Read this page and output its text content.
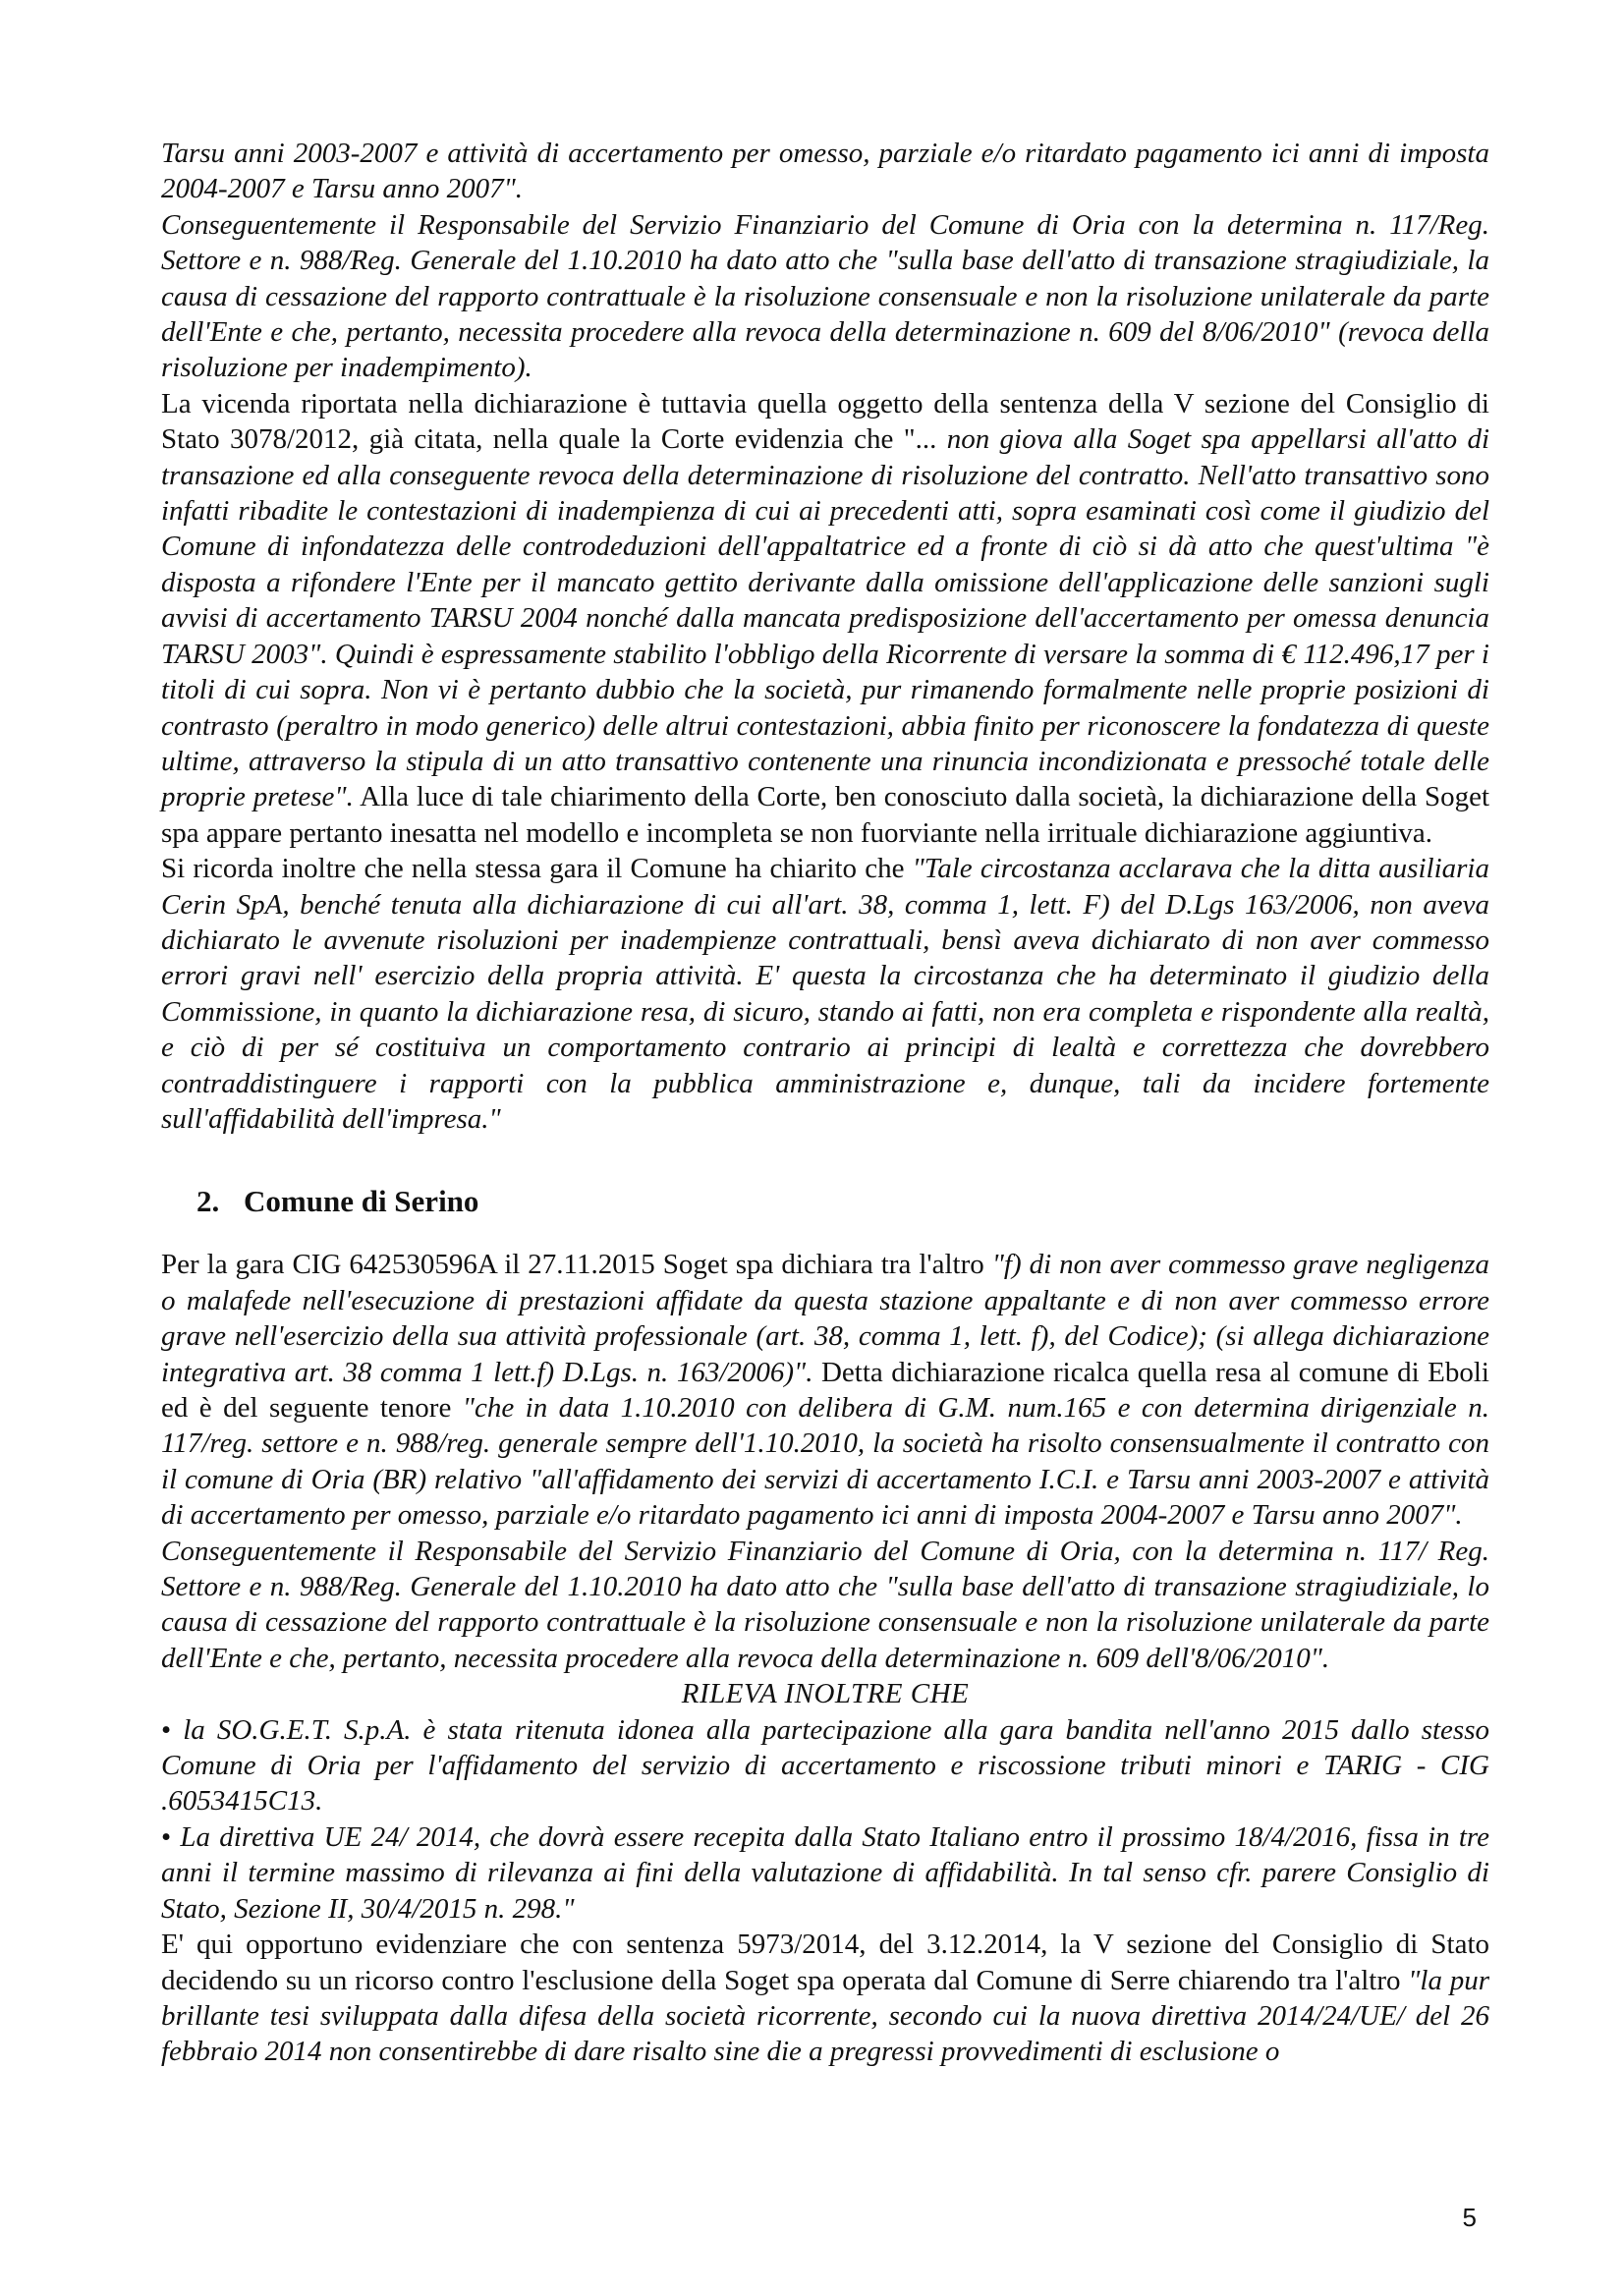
Tarsu anni 2003-2007 e attività di accertamento per omesso, parziale e/o ritardato pagamento ici anni di imposta 2004-2007 e Tarsu anno 2007".

Conseguentemente il Responsabile del Servizio Finanziario del Comune di Oria con la determina n. 117/Reg. Settore e n. 988/Reg. Generale del 1.10.2010 ha dato atto che "sulla base dell'atto di transazione stragiudiziale, la causa di cessazione del rapporto contrattuale è la risoluzione consensuale e non la risoluzione unilaterale da parte dell'Ente e che, pertanto, necessita procedere alla revoca della determinazione n. 609 del 8/06/2010" (revoca della risoluzione per inadempimento).

La vicenda riportata nella dichiarazione è tuttavia quella oggetto della sentenza della V sezione del Consiglio di Stato 3078/2012, già citata, nella quale la Corte evidenzia che "... non giova alla Soget spa appellarsi all'atto di transazione ed alla conseguente revoca della determinazione di risoluzione del contratto. Nell'atto transattivo sono infatti ribadite le contestazioni di inadempienza di cui ai precedenti atti, sopra esaminati così come il giudizio del Comune di infondatezza delle controdeduzioni dell'appaltatrice ed a fronte di ciò si dà atto che quest'ultima "è disposta a rifondere l'Ente per il mancato gettito derivante dalla omissione dell'applicazione delle sanzioni sugli avvisi di accertamento TARSU 2004 nonché dalla mancata predisposizione dell'accertamento per omessa denuncia TARSU 2003". Quindi è espressamente stabilito l'obbligo della Ricorrente di versare la somma di € 112.496,17 per i titoli di cui sopra. Non vi è pertanto dubbio che la società, pur rimanendo formalmente nelle proprie posizioni di contrasto (peraltro in modo generico) delle altrui contestazioni, abbia finito per riconoscere la fondatezza di queste ultime, attraverso la stipula di un atto transattivo contenente una rinuncia incondizionata e pressoché totale delle proprie pretese". Alla luce di tale chiarimento della Corte, ben conosciuto dalla società, la dichiarazione della Soget spa appare pertanto inesatta nel modello e incompleta se non fuorviante nella irrituale dichiarazione aggiuntiva.

Si ricorda inoltre che nella stessa gara il Comune ha chiarito che "Tale circostanza acclarava che la ditta ausiliaria Cerin SpA, benché tenuta alla dichiarazione di cui all'art. 38, comma 1, lett. F) del D.Lgs 163/2006, non aveva dichiarato le avvenute risoluzioni per inadempienze contrattuali, bensì aveva dichiarato di non aver commesso errori gravi nell' esercizio della propria attività. E' questa la circostanza che ha determinato il giudizio della Commissione, in quanto la dichiarazione resa, di sicuro, stando ai fatti, non era completa e rispondente alla realtà, e ciò di per sé costituiva un comportamento contrario ai principi di lealtà e correttezza che dovrebbero contraddistinguere i rapporti con la pubblica amministrazione e, dunque, tali da incidere fortemente sull'affidabilità dell'impresa."

2. Comune di Serino

Per la gara CIG 642530596A il 27.11.2015 Soget spa dichiara tra l'altro "f) di non aver commesso grave negligenza o malafede nell'esecuzione di prestazioni affidate da questa stazione appaltante e di non aver commesso errore grave nell'esercizio della sua attività professionale (art. 38, comma 1, lett. f), del Codice); (si allega dichiarazione integrativa art. 38 comma 1 lett.f) D.Lgs. n. 163/2006)". Detta dichiarazione ricalca quella resa al comune di Eboli ed è del seguente tenore "che in data 1.10.2010 con delibera di G.M. num.165 e con determina dirigenziale n. 117/reg. settore e n. 988/reg. generale sempre dell'1.10.2010, la società ha risolto consensualmente il contratto con il comune di Oria (BR) relativo "all'affidamento dei servizi di accertamento I.C.I. e Tarsu anni 2003-2007 e attività di accertamento per omesso, parziale e/o ritardato pagamento ici anni di imposta 2004-2007 e Tarsu anno 2007".

Conseguentemente il Responsabile del Servizio Finanziario del Comune di Oria, con la determina n. 117/ Reg. Settore e n. 988/Reg. Generale del 1.10.2010 ha dato atto che "sulla base dell'atto di transazione stragiudiziale, lo causa di cessazione del rapporto contrattuale è la risoluzione consensuale e non la risoluzione unilaterale da parte dell'Ente e che, pertanto, necessita procedere alla revoca della determinazione n. 609 dell'8/06/2010".

RILEVA INOLTRE CHE

• la SO.G.E.T. S.p.A. è stata ritenuta idonea alla partecipazione alla gara bandita nell'anno 2015 dallo stesso Comune di Oria per l'affidamento del servizio di accertamento e riscossione tributi minori e TARIG - CIG .6053415C13.

• La direttiva UE 24/ 2014, che dovrà essere recepita dalla Stato Italiano entro il prossimo 18/4/2016, fissa in tre anni il termine massimo di rilevanza ai fini della valutazione di affidabilità. In tal senso cfr. parere Consiglio di Stato, Sezione II, 30/4/2015 n. 298."

E' qui opportuno evidenziare che con sentenza 5973/2014, del 3.12.2014, la V sezione del Consiglio di Stato decidendo su un ricorso contro l'esclusione della Soget spa operata dal Comune di Serre chiarendo tra l'altro "la pur brillante tesi sviluppata dalla difesa della società ricorrente, secondo cui la nuova direttiva 2014/24/UE/ del 26 febbraio 2014 non consentirebbe di dare risalto sine die a pregressi provvedimenti di esclusione o

5
